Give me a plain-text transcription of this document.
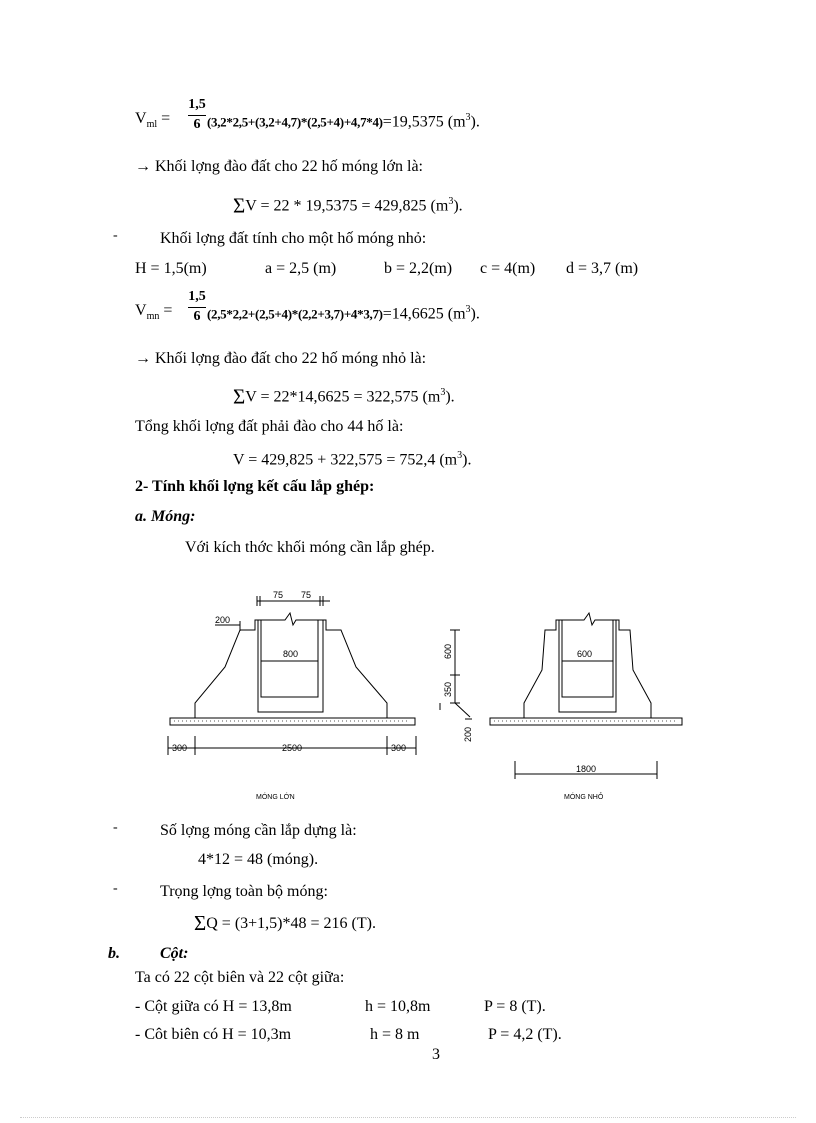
$V_{ml}$ =
1,5
6 (3,2*2,5+(3,2+4,7)*(2,5+4)+4,7*4)=19,5375 $(m^3)$.
→ Khối lợng đào đất cho 22 hố móng lớn là:
ΣV = 22 * 19,5375 = 429,825 $(m^3)$.
-	Khối lợng đất tính cho một hố móng nhỏ:
H = 1,5(m)	a = 2,5 (m)	b = 2,2(m) c = 4(m) d = 3,7 (m)
$V_{mn}$ =
1,5
6 (2,5*2,2+(2,5+4)*(2,2+3,7)+4*3,7)=14,6625 $(m^3)$.
→ Khối lợng đào đất cho 22 hố móng nhỏ là:
ΣV = 22*14,6625 = 322,575 $(m^3)$.
Tổng khối lợng đất phải đào cho 44 hố là:
V = 429,825 + 322,575 = 752,4 $(m^3)$.
2- Tính khối lợng kết cấu lắp ghép:
a. Móng:
Với kích thớc khối móng cần lắp ghép.
75 75
200
800
300	2500	300
MÓNG LỚN
600
350
200
600
1800
MÓNG NHỎ
-	Số lợng móng cần lắp dựng là:
4*12 = 48 (móng).
-	Trọng lợng toàn bộ móng:
ΣQ = (3+1,5)*48 = 216 (T).
b.	Cột:
Ta có 22 cột biên và 22 cột giữa:
- Cột giữa có H = 13,8m	h = 10,8m	P = 8 (T).
- Côt biên có H = 10,3m	h = 8 m	P = 4,2 (T).
3
